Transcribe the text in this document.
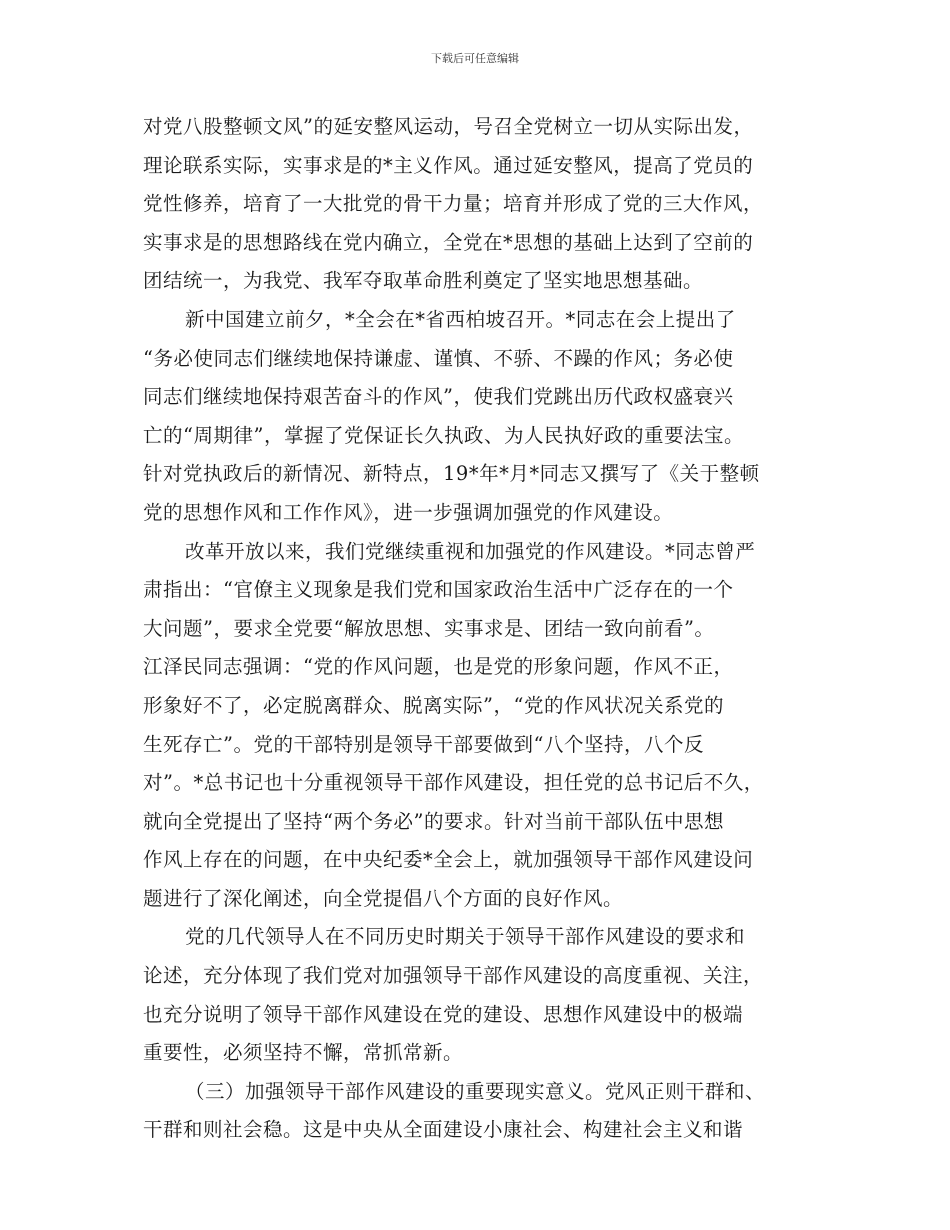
下载后可任意编辑
对党八股整顿文风”的延安整风运动，号召全党树立一切从实际出发，
理论联系实际，实事求是的*主义作风。通过延安整风，提高了党员的
党性修养，培育了一大批党的骨干力量；培育并形成了党的三大作风，
实事求是的思想路线在党内确立，全党在*思想的基础上达到了空前的
团结统一，为我党、我军夺取革命胜利奠定了坚实地思想基础。
新中国建立前夕，*全会在*省西柏坡召开。*同志在会上提出了
“务必使同志们继续地保持谦虚、谨慎、不骄、不躁的作风；务必使
同志们继续地保持艰苦奋斗的作风”，使我们党跳出历代政权盛衰兴
亡的“周期律”，掌握了党保证长久执政、为人民执好政的重要法宝。
针对党执政后的新情况、新特点，19*年*月*同志又撰写了《关于整顿
党的思想作风和工作作风》，进一步强调加强党的作风建设。
改革开放以来，我们党继续重视和加强党的作风建设。*同志曾严
肃指出：“官僚主义现象是我们党和国家政治生活中广泛存在的一个
大问题”，要求全党要“解放思想、实事求是、团结一致向前看”。
江泽民同志强调：“党的作风问题，也是党的形象问题，作风不正，
形象好不了，必定脱离群众、脱离实际”，“党的作风状况关系党的
生死存亡”。党的干部特别是领导干部要做到“八个坚持，八个反
对”。*总书记也十分重视领导干部作风建设，担任党的总书记后不久，
就向全党提出了坚持“两个务必”的要求。针对当前干部队伍中思想
作风上存在的问题，在中央纪委*全会上，就加强领导干部作风建设问
题进行了深化阐述，向全党提倡八个方面的良好作风。
党的几代领导人在不同历史时期关于领导干部作风建设的要求和
论述，充分体现了我们党对加强领导干部作风建设的高度重视、关注，
也充分说明了领导干部作风建设在党的建设、思想作风建设中的极端
重要性，必须坚持不懈，常抓常新。
（三）加强领导干部作风建设的重要现实意义。党风正则干群和、
干群和则社会稳。这是中央从全面建设小康社会、构建社会主义和谐
